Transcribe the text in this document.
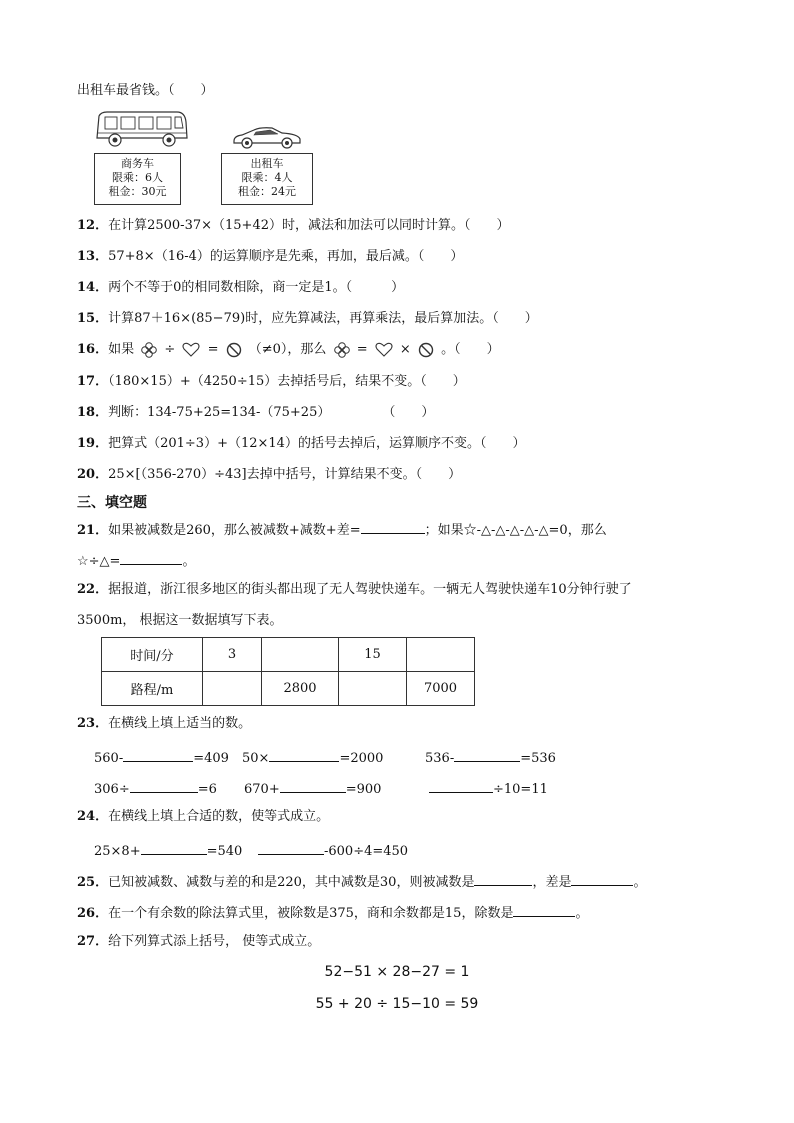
出租车最省钱。（　　）
商务车
限乘：6人
租金：30元
出租车
限乘：4人
租金：24元
12．在计算2500-37×（15+42）时，减法和加法可以同时计算。（　　）
13．57+8×（16-4）的运算顺序是先乘，再加，最后减。（　　）
14．两个不等于0的相同数相除，商一定是1。（　　　）
15．计算87＋16×(85−79)时，应先算减法，再算乘法，最后算加法。（　　）
16．如果 ÷ = （≠0），那么 = × 。（　　）
17．（180×15）+（4250÷15）去掉括号后，结果不变。（　　）
18．判断：134-75+25=134-（75+25）　　　　　（　　）
19．把算式（201÷3）+（12×14）的括号去掉后，运算顺序不变。（　　）
20．25×[（356-270）÷43]去掉中括号，计算结果不变。（　　）
三、填空题
21．如果被减数是260，那么被减数+减数+差=	；如果☆-△-△-△-△-△=0，那么
☆÷△=	。
22．据报道，浙江很多地区的街头都出现了无人驾驶快递车。一辆无人驾驶快递车10分钟行驶了
3500m， 根据这一数据填写下表。
时间/分	3		15	
路程/m		2800		7000
23．在横线上填上适当的数。
560-	=409 50×	=2000	536-	=536
306÷	=6 670+	=900	÷10=11
24．在横线上填上合适的数，使等式成立。
25×8+	=540	-600÷4=450
25．已知被减数、减数与差的和是220，其中减数是30，则被减数是	，差是	。
26．在一个有余数的除法算式里，被除数是375，商和余数都是15，除数是	。
27．给下列算式添上括号， 使等式成立。
52−51 × 28−27 = 1
55 + 20 ÷ 15−10 = 59
